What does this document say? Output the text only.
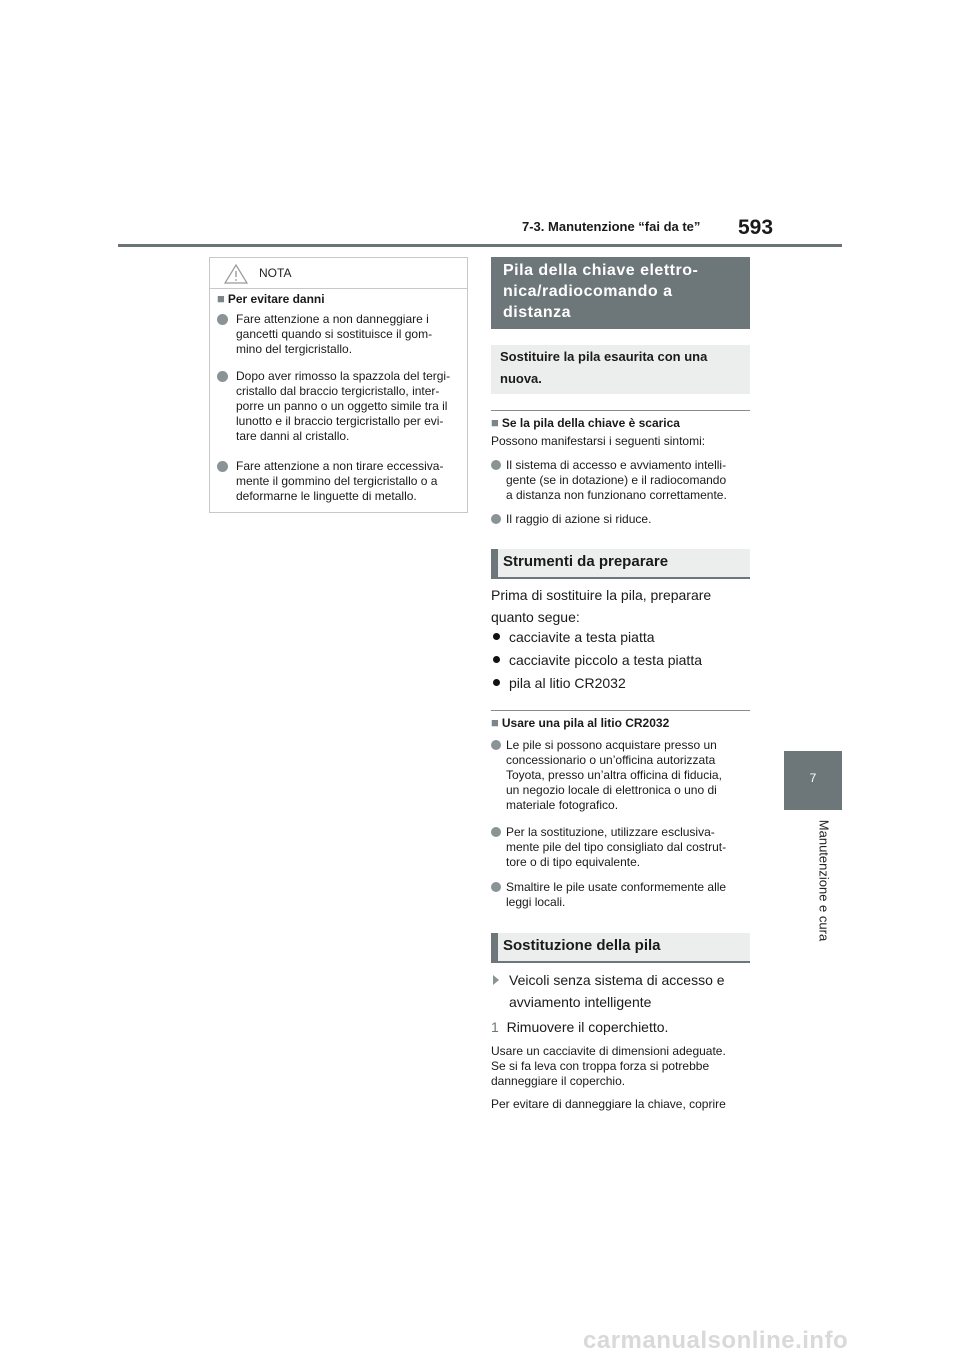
7-3. Manutenzione “fai da te” 593
7
Manutenzione e cura
NOTA
■ Per evitare danni
Fare attenzione a non danneggiare i
gancetti quando si sostituisce il gom-
mino del tergicristallo.
Dopo aver rimosso la spazzola del tergi-
cristallo dal braccio tergicristallo, inter-
porre un panno o un oggetto simile tra il
lunotto e il braccio tergicristallo per evi-
tare danni al cristallo.
Fare attenzione a non tirare eccessiva-
mente il gommino del tergicristallo o a
deformarne le linguette di metallo.
Pila della chiave elettro-
nica/radiocomando a
distanza
Sostituire la pila esaurita con una
nuova.
■ Se la pila della chiave è scarica
Possono manifestarsi i seguenti sintomi:
Il sistema di accesso e avviamento intelli-
gente (se in dotazione) e il radiocomando
a distanza non funzionano correttamente.
Il raggio di azione si riduce.
Strumenti da preparare
Prima di sostituire la pila, preparare
quanto segue:
cacciavite a testa piatta
cacciavite piccolo a testa piatta
pila al litio CR2032
■ Usare una pila al litio CR2032
Le pile si possono acquistare presso un
concessionario o un’officina autorizzata
Toyota, presso un’altra officina di fiducia,
un negozio locale di elettronica o uno di
materiale fotografico.
Per la sostituzione, utilizzare esclusiva-
mente pile del tipo consigliato dal costrut-
tore o di tipo equivalente.
Smaltire le pile usate conformemente alle
leggi locali.
Sostituzione della pila
Veicoli senza sistema di accesso e
avviamento intelligente
1 Rimuovere il coperchietto.
Usare un cacciavite di dimensioni adeguate.
Se si fa leva con troppa forza si potrebbe
danneggiare il coperchio.
Per evitare di danneggiare la chiave, coprire
carmanualsonline.info
